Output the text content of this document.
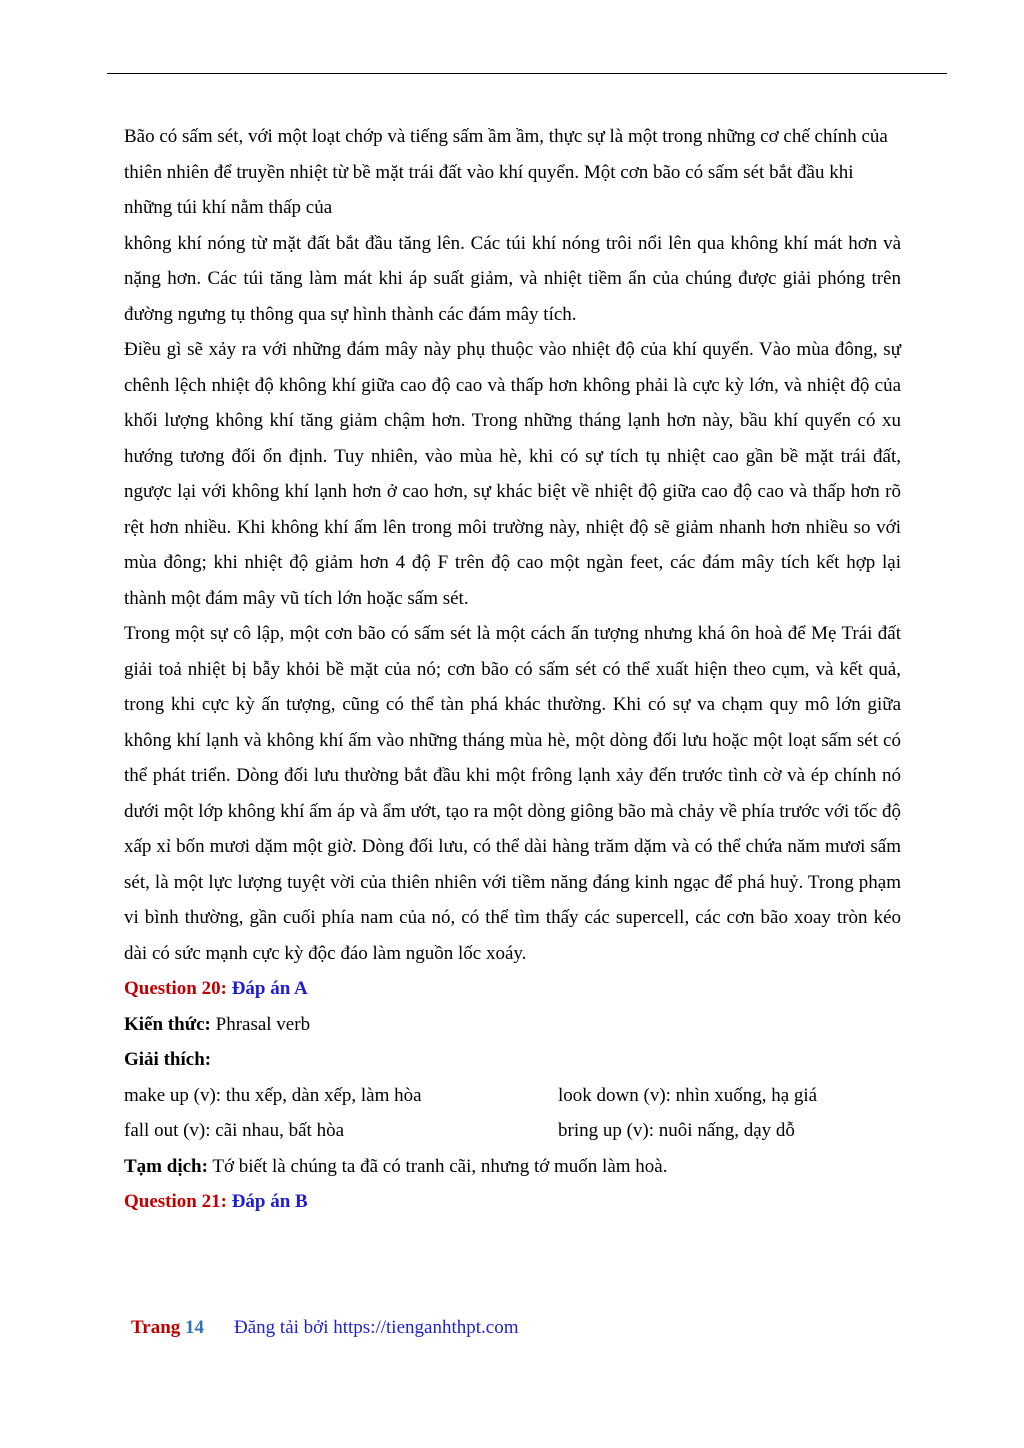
Bão có sấm sét, với một loạt chớp và tiếng sấm ầm ầm, thực sự là một trong những cơ chế chính của thiên nhiên để truyền nhiệt từ bề mặt trái đất vào khí quyển. Một cơn bão có sấm sét bắt đầu khi những túi khí nằm thấp của

không khí nóng từ mặt đất bắt đầu tăng lên. Các túi khí nóng trôi nổi lên qua không khí mát hơn và nặng hơn. Các túi tăng làm mát khi áp suất giảm, và nhiệt tiềm ẩn của chúng được giải phóng trên đường ngưng tụ thông qua sự hình thành các đám mây tích.

Điều gì sẽ xảy ra với những đám mây này phụ thuộc vào nhiệt độ của khí quyển. Vào mùa đông, sự chênh lệch nhiệt độ không khí giữa cao độ cao và thấp hơn không phải là cực kỳ lớn, và nhiệt độ của khối lượng không khí tăng giảm chậm hơn. Trong những tháng lạnh hơn này, bầu khí quyển có xu hướng tương đối ổn định. Tuy nhiên, vào mùa hè, khi có sự tích tụ nhiệt cao gần bề mặt trái đất, ngược lại với không khí lạnh hơn ở cao hơn, sự khác biệt về nhiệt độ giữa cao độ cao và thấp hơn rõ rệt hơn nhiều. Khi không khí ấm lên trong môi trường này, nhiệt độ sẽ giảm nhanh hơn nhiều so với mùa đông; khi nhiệt độ giảm hơn 4 độ F trên độ cao một ngàn feet, các đám mây tích kết hợp lại thành một đám mây vũ tích lớn hoặc sấm sét.

Trong một sự cô lập, một cơn bão có sấm sét là một cách ấn tượng nhưng khá ôn hoà để Mẹ Trái đất giải toả nhiệt bị bẫy khỏi bề mặt của nó; cơn bão có sấm sét có thể xuất hiện theo cụm, và kết quả, trong khi cực kỳ ấn tượng, cũng có thể tàn phá khác thường. Khi có sự va chạm quy mô lớn giữa không khí lạnh và không khí ấm vào những tháng mùa hè, một dòng đối lưu hoặc một loạt sấm sét có thể phát triển. Dòng đối lưu thường bắt đầu khi một frông lạnh xảy đến trước tình cờ và ép chính nó dưới một lớp không khí ấm áp và ẩm ướt, tạo ra một dòng giông bão mà chảy về phía trước với tốc độ xấp xỉ bốn mươi dặm một giờ. Dòng đối lưu, có thể dài hàng trăm dặm và có thể chứa năm mươi sấm sét, là một lực lượng tuyệt vời của thiên nhiên với tiềm năng đáng kinh ngạc để phá huỷ. Trong phạm vi bình thường, gần cuối phía nam của nó, có thể tìm thấy các supercell, các cơn bão xoay tròn kéo dài có sức mạnh cực kỳ độc đáo làm nguồn lốc xoáy.

Question 20: Đáp án A

Kiến thức: Phrasal verb

Giải thích:

make up (v): thu xếp, dàn xếp, làm hòa	look down (v): nhìn xuống, hạ giá
fall out (v): cãi nhau, bất hòa	bring up (v): nuôi nấng, dạy dỗ

Tạm dịch: Tớ biết là chúng ta đã có tranh cãi, nhưng tớ muốn làm hoà.

Question 21: Đáp án B

Trang 14 Đăng tải bởi https://tienganhthpt.com
